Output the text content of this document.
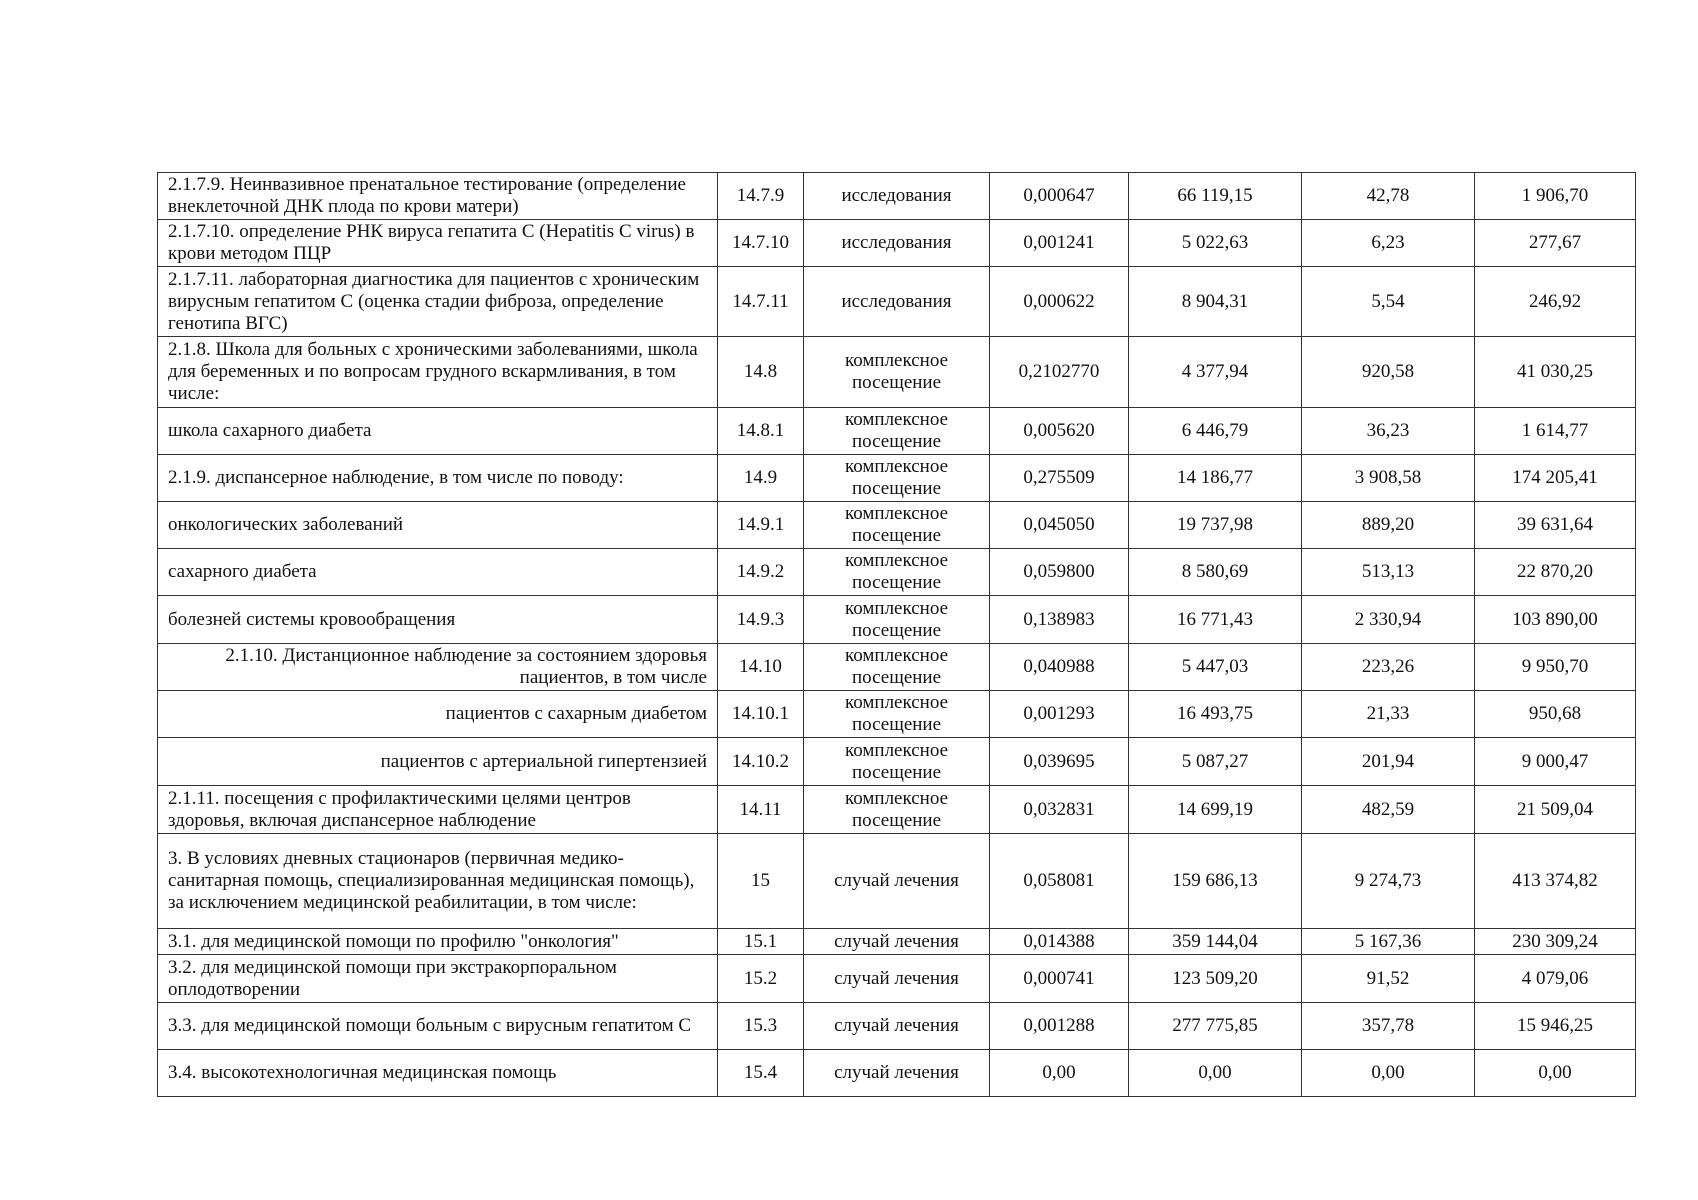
2.1.7.9. Неинвазивное пренатальное тестирование (определение внеклеточной ДНК плода по крови матери)	14.7.9	исследования	0,000647	66 119,15	42,78	1 906,70
2.1.7.10. определение РНК вируса гепатита С (Hepatitis C virus) в крови методом ПЦР	14.7.10	исследования	0,001241	5 022,63	6,23	277,67
2.1.7.11. лабораторная диагностика для пациентов с хроническим вирусным гепатитом С (оценка стадии фиброза, определение генотипа ВГС)	14.7.11	исследования	0,000622	8 904,31	5,54	246,92
2.1.8. Школа для больных с хроническими заболеваниями, школа для беременных и по вопросам грудного вскармливания, в том числе:	14.8	комплексное посещение	0,2102770	4 377,94	920,58	41 030,25
школа сахарного диабета	14.8.1	комплексное посещение	0,005620	6 446,79	36,23	1 614,77
2.1.9. диспансерное наблюдение, в том числе по поводу:	14.9	комплексное посещение	0,275509	14 186,77	3 908,58	174 205,41
онкологических заболеваний	14.9.1	комплексное посещение	0,045050	19 737,98	889,20	39 631,64
сахарного диабета	14.9.2	комплексное посещение	0,059800	8 580,69	513,13	22 870,20
болезней системы кровообращения	14.9.3	комплексное посещение	0,138983	16 771,43	2 330,94	103 890,00
2.1.10. Дистанционное наблюдение за состоянием здоровья пациентов, в том числе	14.10	комплексное посещение	0,040988	5 447,03	223,26	9 950,70
пациентов с сахарным диабетом	14.10.1	комплексное посещение	0,001293	16 493,75	21,33	950,68
пациентов с артериальной гипертензией	14.10.2	комплексное посещение	0,039695	5 087,27	201,94	9 000,47
2.1.11. посещения с профилактическими целями центров здоровья, включая диспансерное наблюдение	14.11	комплексное посещение	0,032831	14 699,19	482,59	21 509,04
3. В условиях дневных стационаров (первичная медико-санитарная помощь, специализированная медицинская помощь), за исключением медицинской реабилитации, в том числе:	15	случай лечения	0,058081	159 686,13	9 274,73	413 374,82
3.1. для медицинской помощи по профилю "онкология"	15.1	случай лечения	0,014388	359 144,04	5 167,36	230 309,24
3.2. для медицинской помощи при экстракорпоральном оплодотворении	15.2	случай лечения	0,000741	123 509,20	91,52	4 079,06
3.3. для медицинской помощи больным с вирусным гепатитом С	15.3	случай лечения	0,001288	277 775,85	357,78	15 946,25
3.4. высокотехнологичная медицинская помощь	15.4	случай лечения	0,00	0,00	0,00	0,00
